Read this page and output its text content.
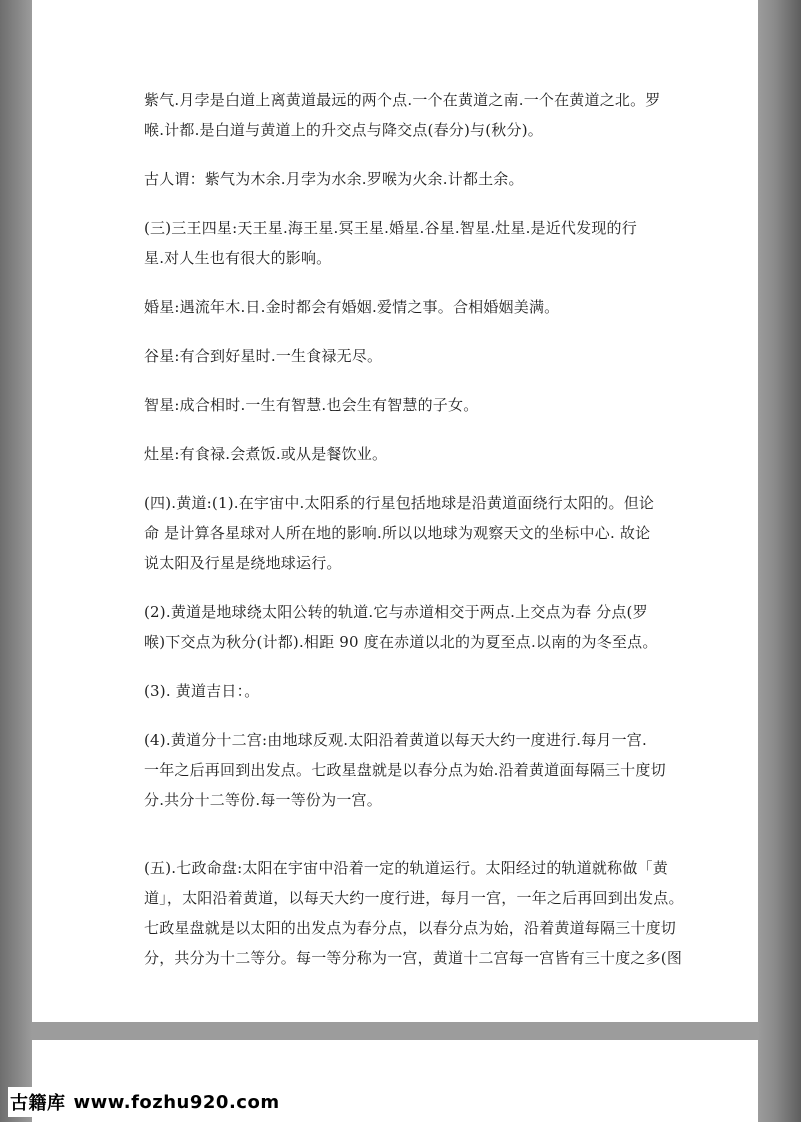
紫气.月孛是白道上离黄道最远的两个点.一个在黄道之南.一个在黄道之北。罗
喉.计都.是白道与黄道上的升交点与降交点(春分)与(秋分)。

古人谓：紫气为木余.月孛为水余.罗喉为火余.计都土余。

(三)三王四星:天王星.海王星.冥王星.婚星.谷星.智星.灶星.是近代发现的行
星.对人生也有很大的影响。

婚星:遇流年木.日.金时都会有婚姻.爱情之事。合相婚姻美满。

谷星:有合到好星时.一生食禄无尽。

智星:成合相时.一生有智慧.也会生有智慧的子女。

灶星:有食禄.会煮饭.或从是餐饮业。

(四).黄道:(1).在宇宙中.太阳系的行星包括地球是沿黄道面绕行太阳的。但论
命 是计算各星球对人所在地的影响.所以以地球为观察天文的坐标中心. 故论
说太阳及行星是绕地球运行。

(2).黄道是地球绕太阳公转的轨道.它与赤道相交于两点.上交点为春 分点(罗
喉)下交点为秋分(计都).相距 90 度在赤道以北的为夏至点.以南的为冬至点。

(3). 黄道吉日：。

(4).黄道分十二宫:由地球反观.太阳沿着黄道以每天大约一度进行.每月一宫.
一年之后再回到出发点。七政星盘就是以春分点为始.沿着黄道面每隔三十度切
分.共分十二等份.每一等份为一宫。

(五).七政命盘:太阳在宇宙中沿着一定的轨道运行。太阳经过的轨道就称做「黄
道」，太阳沿着黄道，以每天大约一度行进，每月一宫，一年之后再回到出发点。
七政星盘就是以太阳的出发点为春分点，以春分点为始，沿着黄道每隔三十度切
分，共分为十二等分。每一等分称为一宫，黄道十二宫每一宫皆有三十度之多(图

古籍库 www.fozhu920.com
